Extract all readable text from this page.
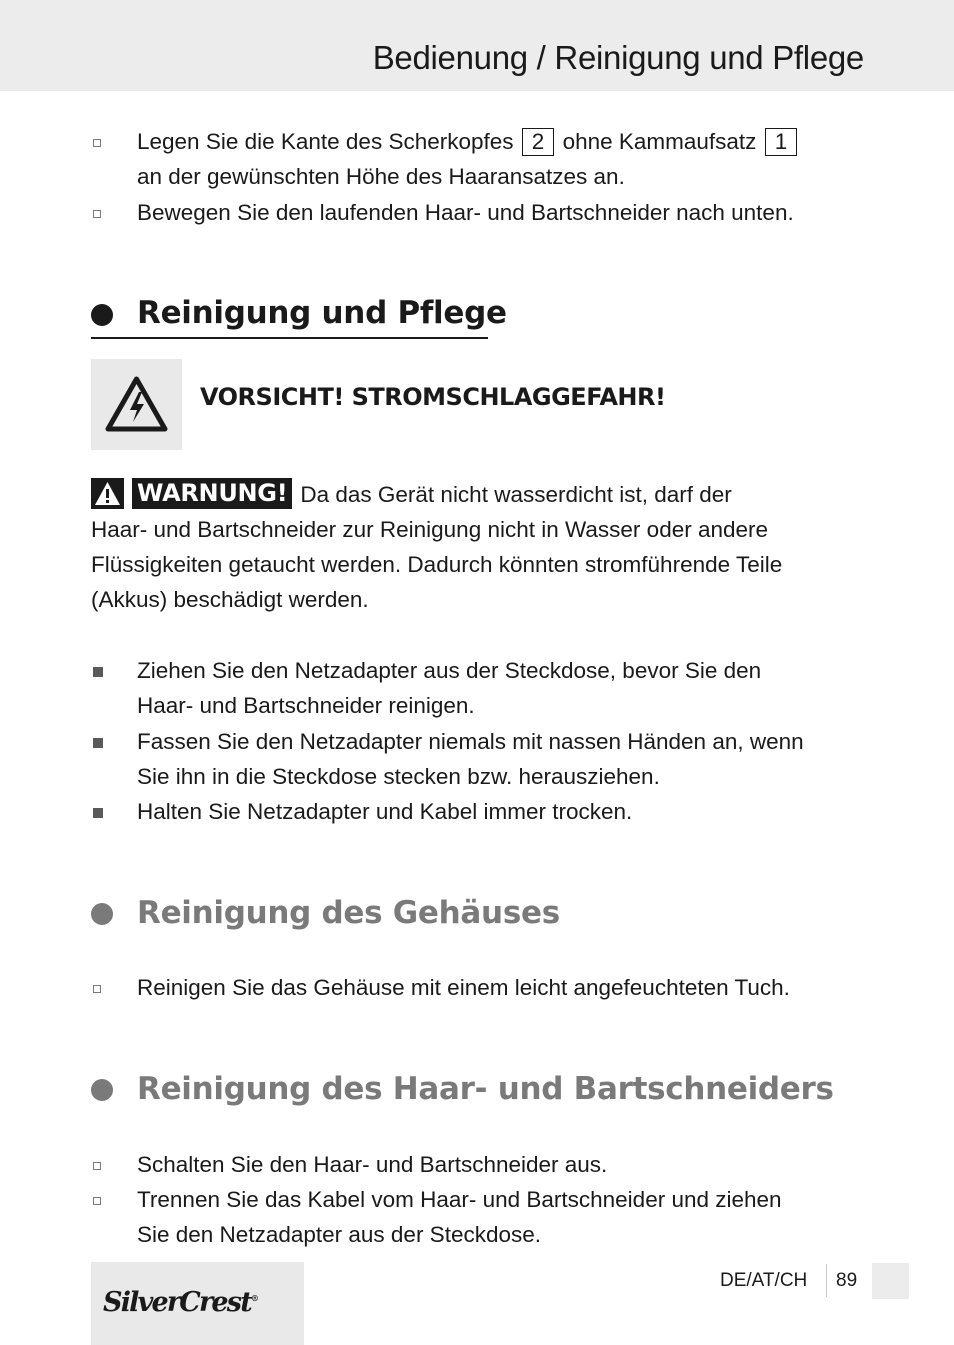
Bedienung / Reinigung und Pflege
Legen Sie die Kante des Scherkopfes 2 ohne Kammaufsatz 1
an der gewünschten Höhe des Haaransatzes an.
Bewegen Sie den laufenden Haar- und Bartschneider nach unten.
Reinigung und Pflege
VORSICHT! STROMSCHLAGGEFAHR!
WARNUNG! Da das Gerät nicht wasserdicht ist, darf der
Haar- und Bartschneider zur Reinigung nicht in Wasser oder andere
Flüssigkeiten getaucht werden. Dadurch könnten stromführende Teile
(Akkus) beschädigt werden.
Ziehen Sie den Netzadapter aus der Steckdose, bevor Sie den
Haar- und Bartschneider reinigen.
Fassen Sie den Netzadapter niemals mit nassen Händen an, wenn
Sie ihn in die Steckdose stecken bzw. herausziehen.
Halten Sie Netzadapter und Kabel immer trocken.
Reinigung des Gehäuses
Reinigen Sie das Gehäuse mit einem leicht angefeuchteten Tuch.
Reinigung des Haar- und Bartschneiders
Schalten Sie den Haar- und Bartschneider aus.
Trennen Sie das Kabel vom Haar- und Bartschneider und ziehen
Sie den Netzadapter aus der Steckdose.
SilverCrest®
DE/AT/CH 89
